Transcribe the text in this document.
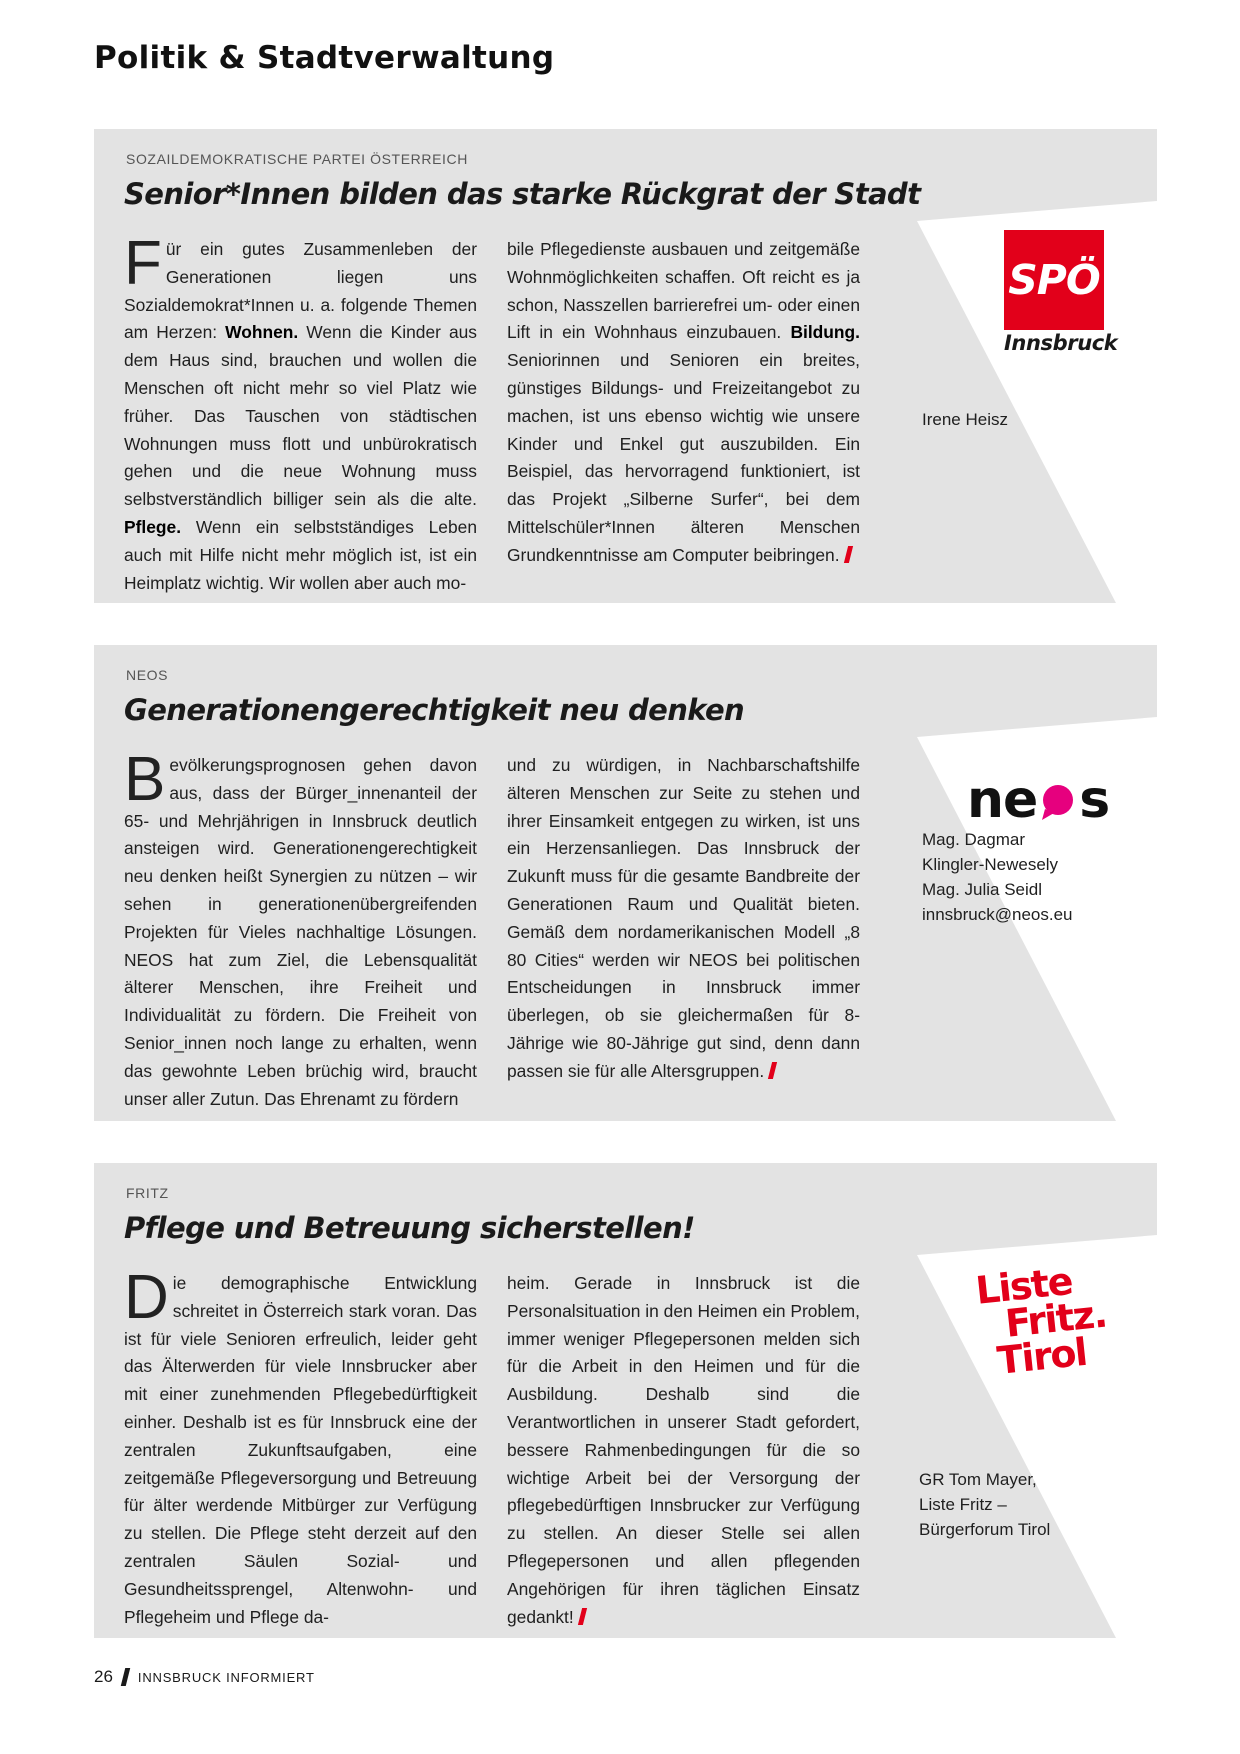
Politik & Stadtverwaltung
SOZAILDEMOKRATISCHE PARTEI ÖSTERREICH
Senior*Innen bilden das starke Rückgrat der Stadt
Für ein gutes Zusammenleben der Generationen liegen uns Sozialdemokrat*Innen u. a. folgende Themen am Herzen: Wohnen. Wenn die Kinder aus dem Haus sind, brauchen und wollen die Menschen oft nicht mehr so viel Platz wie früher. Das Tauschen von städtischen Wohnungen muss flott und unbürokratisch gehen und die neue Wohnung muss selbstverständlich billiger sein als die alte. Pflege. Wenn ein selbstständiges Leben auch mit Hilfe nicht mehr möglich ist, ist ein Heimplatz wichtig. Wir wollen aber auch mo-
bile Pflegedienste ausbauen und zeitgemäße Wohnmöglichkeiten schaffen. Oft reicht es ja schon, Nasszellen barrierefrei um- oder einen Lift in ein Wohnhaus einzubauen. Bildung. Seniorinnen und Senioren ein breites, günstiges Bildungs- und Freizeitangebot zu machen, ist uns ebenso wichtig wie unsere Kinder und Enkel gut auszubilden. Ein Beispiel, das hervorragend funktioniert, ist das Projekt „Silberne Surfer“, bei dem Mittelschüler*Innen älteren Menschen Grundkenntnisse am Computer beibringen.
SPÖ
Innsbruck
Irene Heisz
NEOS
Generationengerechtigkeit neu denken
Bevölkerungsprognosen gehen davon aus, dass der Bürger_innenanteil der 65- und Mehrjährigen in Innsbruck deutlich ansteigen wird. Generationengerechtigkeit neu denken heißt Synergien zu nützen – wir sehen in generationenübergreifenden Projekten für Vieles nachhaltige Lösungen. NEOS hat zum Ziel, die Lebensqualität älterer Menschen, ihre Freiheit und Individualität zu fördern. Die Freiheit von Senior_innen noch lange zu erhalten, wenn das gewohnte Leben brüchig wird, braucht unser aller Zutun. Das Ehrenamt zu fördern
und zu würdigen, in Nachbarschaftshilfe älteren Menschen zur Seite zu stehen und ihrer Einsamkeit entgegen zu wirken, ist uns ein Herzensanliegen. Das Innsbruck der Zukunft muss für die gesamte Bandbreite der Generationen Raum und Qualität bieten. Gemäß dem nordamerikanischen Modell „8 80 Cities“ werden wir NEOS bei politischen Entscheidungen in Innsbruck immer überlegen, ob sie gleichermaßen für 8-Jährige wie 80-Jährige gut sind, denn dann passen sie für alle Altersgruppen.
ne s
Mag. Dagmar
Klingler-Newesely
Mag. Julia Seidl
innsbruck@neos.eu
FRITZ
Pflege und Betreuung sicherstellen!
Die demographische Entwicklung schreitet in Österreich stark voran. Das ist für viele Senioren erfreulich, leider geht das Älterwerden für viele Innsbrucker aber mit einer zunehmenden Pflegebedürftigkeit einher. Deshalb ist es für Innsbruck eine der zentralen Zukunftsaufgaben, eine zeitgemäße Pflegeversorgung und Betreuung für älter werdende Mitbürger zur Verfügung zu stellen. Die Pflege steht derzeit auf den zentralen Säulen Sozial- und Gesundheitssprengel, Altenwohn- und Pflegeheim und Pflege da-
heim. Gerade in Innsbruck ist die Personalsituation in den Heimen ein Problem, immer weniger Pflegepersonen melden sich für die Arbeit in den Heimen und für die Ausbildung. Deshalb sind die Verantwortlichen in unserer Stadt gefordert, bessere Rahmenbedingungen für die so wichtige Arbeit bei der Versorgung der pflegebedürftigen Innsbrucker zur Verfügung zu stellen. An dieser Stelle sei allen Pflegepersonen und allen pflegenden Angehörigen für ihren täglichen Einsatz gedankt!
Liste
Fritz.
Tirol
GR Tom Mayer,
Liste Fritz –
Bürgerforum Tirol
26 INNSBRUCK INFORMIERT
